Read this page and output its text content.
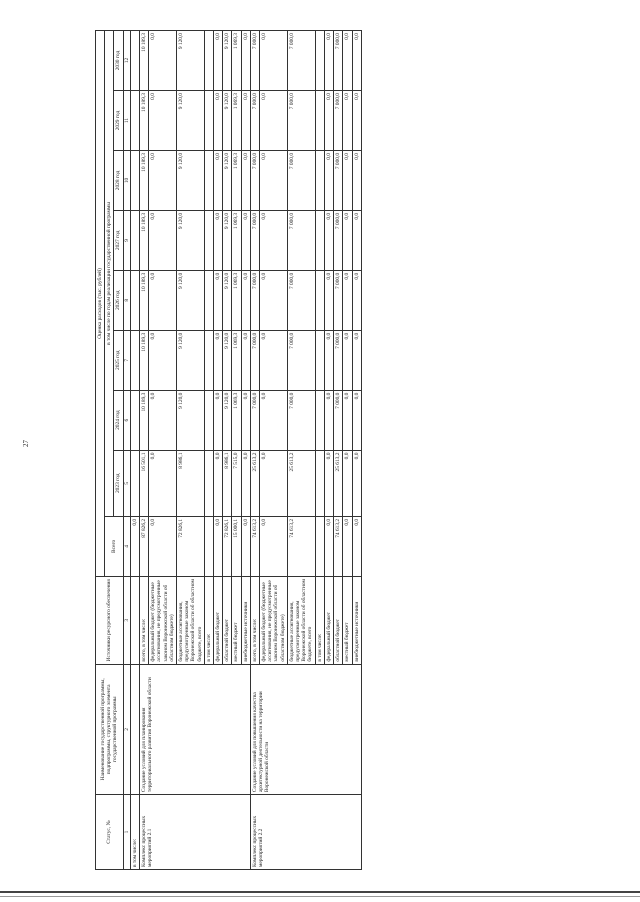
27
Статус, №	Наименование государственной программы, подпрограммы, структурного элемента государственной программы	Источники ресурсного обеспечения	Оценка расходов (тыс. рублей)								
			Всего	в том числе по годам реализации государственной программы							
				2023 год	2024 год	2025 год	2026 год	2027 год	2028 год	2029 год	2030 год
1	2	3	4	5	6	7	8	9	10	11	12
в том числе:			0,0								
Комплекс процессных мероприятий 2.1	Создание условий для планирования территориального развития Воронежской области	всего, в том числе:	87 826,2	16 501,1	10 189,3	10 189,3	10 189,3	10 189,3	10 189,3	10 189,3	10 189,3
		федеральный бюджет (бюджетные ассигнования, не предусмотренные законом Воронежской области об областном бюджете)	0,0	0,0	0,0	0,0	0,0	0,0	0,0	0,0	0,0
		бюджетные ассигнования, предусмотренные законом Воронежской области об областном бюджете, всего	72 826,1	8 986,1	9 120,0	9 120,0	9 120,0	9 120,0	9 120,0	9 120,0	9 120,0
		в том числе:									
		федеральный бюджет	0,0	0,0	0,0	0,0	0,0	0,0	0,0	0,0	0,0
		областной бюджет	72 826,1	8 986,1	9 120,0	9 120,0	9 120,0	9 120,0	9 120,0	9 120,0	9 120,0
		местный бюджет	15 000,1	7 515,0	1 069,3	1 069,3	1 069,3	1 069,3	1 069,3	1 069,3	1 069,3
		внебюджетные источники	0,0	0,0	0,0	0,0	0,0	0,0	0,0	0,0	0,0
Комплекс процессных мероприятий 2.2	Создание условий для повышения качества архитектурной деятельности на территории Воронежской области	всего, в том числе:	74 613,2	25 613,2	7 000,0	7 000,0	7 000,0	7 000,0	7 000,0	7 000,0	7 000,0
		федеральный бюджет (бюджетные ассигнования, не предусмотренные законом Воронежской области об областном бюджете)	0,0	0,0	0,0	0,0	0,0	0,0	0,0	0,0	0,0
		бюджетные ассигнования, предусмотренные законом Воронежской области об областном бюджете, всего	74 613,2	25 613,2	7 000,0	7 000,0	7 000,0	7 000,0	7 000,0	7 000,0	7 000,0
		в том числе:									
		федеральный бюджет	0,0	0,0	0,0	0,0	0,0	0,0	0,0	0,0	0,0
		областной бюджет	74 613,2	25 613,2	7 000,0	7 000,0	7 000,0	7 000,0	7 000,0	7 000,0	7 000,0
		местный бюджет	0,0	0,0	0,0	0,0	0,0	0,0	0,0	0,0	0,0
		внебюджетные источники	0,0	0,0	0,0	0,0	0,0	0,0	0,0	0,0	0,0
